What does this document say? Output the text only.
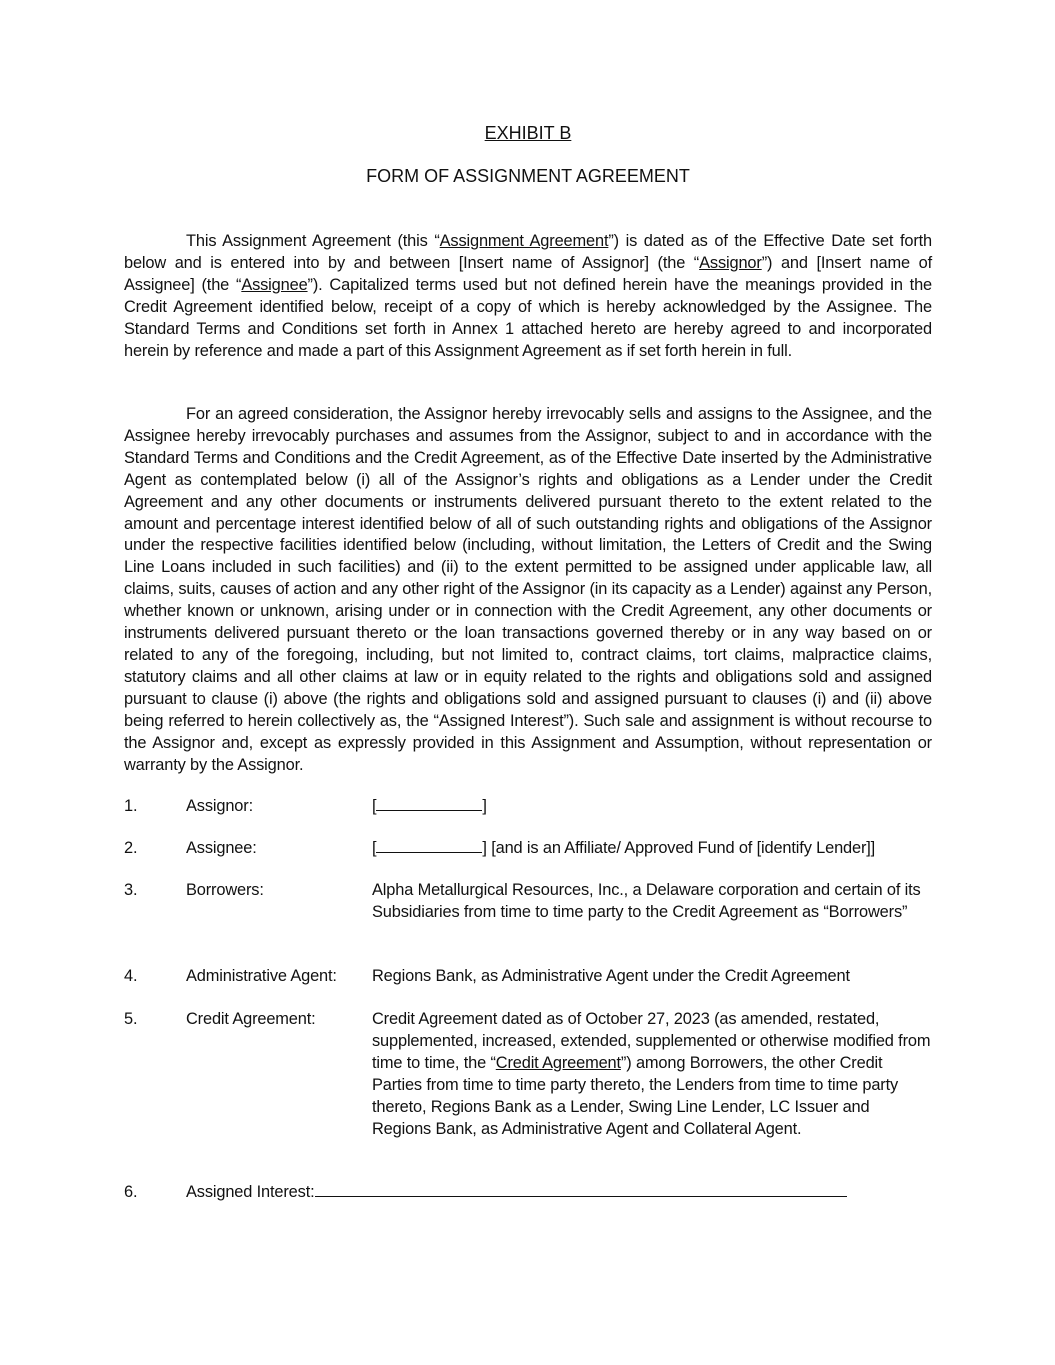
EXHIBIT B
FORM OF ASSIGNMENT AGREEMENT

This Assignment Agreement (this “Assignment Agreement”) is dated as of the Effective Date set forth below and is entered into by and between [Insert name of Assignor] (the “Assignor”) and [Insert name of Assignee] (the “Assignee”). Capitalized terms used but not defined herein have the meanings provided in the Credit Agreement identified below, receipt of a copy of which is hereby acknowledged by the Assignee. The Standard Terms and Conditions set forth in Annex 1 attached hereto are hereby agreed to and incorporated herein by reference and made a part of this Assignment Agreement as if set forth herein in full.

For an agreed consideration, the Assignor hereby irrevocably sells and assigns to the Assignee, and the Assignee hereby irrevocably purchases and assumes from the Assignor, subject to and in accordance with the Standard Terms and Conditions and the Credit Agreement, as of the Effective Date inserted by the Administrative Agent as contemplated below (i) all of the Assignor’s rights and obligations as a Lender under the Credit Agreement and any other documents or instruments delivered pursuant thereto to the extent related to the amount and percentage interest identified below of all of such outstanding rights and obligations of the Assignor under the respective facilities identified below (including, without limitation, the Letters of Credit and the Swing Line Loans included in such facilities) and (ii) to the extent permitted to be assigned under applicable law, all claims, suits, causes of action and any other right of the Assignor (in its capacity as a Lender) against any Person, whether known or unknown, arising under or in connection with the Credit Agreement, any other documents or instruments delivered pursuant thereto or the loan transactions governed thereby or in any way based on or related to any of the foregoing, including, but not limited to, contract claims, tort claims, malpractice claims, statutory claims and all other claims at law or in equity related to the rights and obligations sold and assigned pursuant to clause (i) above (the rights and obligations sold and assigned pursuant to clauses (i) and (ii) above being referred to herein collectively as, the “Assigned Interest”). Such sale and assignment is without recourse to the Assignor and, except as expressly provided in this Assignment and Assumption, without representation or warranty by the Assignor.

1.	Assignor:	[	]
2.	Assignee:	[	] [and is an Affiliate/ Approved Fund of [identify Lender]]
3.	Borrowers:	Alpha Metallurgical Resources, Inc., a Delaware corporation and certain of its Subsidiaries from time to time party to the Credit Agreement as “Borrowers”
4.	Administrative Agent: Regions Bank, as Administrative Agent under the Credit Agreement
5.	Credit Agreement:	Credit Agreement dated as of October 27, 2023 (as amended, restated, supplemented, increased, extended, supplemented or otherwise modified from time to time, the “Credit Agreement”) among Borrowers, the other Credit Parties from time to time party thereto, the Lenders from time to time party thereto, Regions Bank as a Lender, Swing Line Lender, LC Issuer and Regions Bank, as Administrative Agent and Collateral Agent.
6.	Assigned Interest:
